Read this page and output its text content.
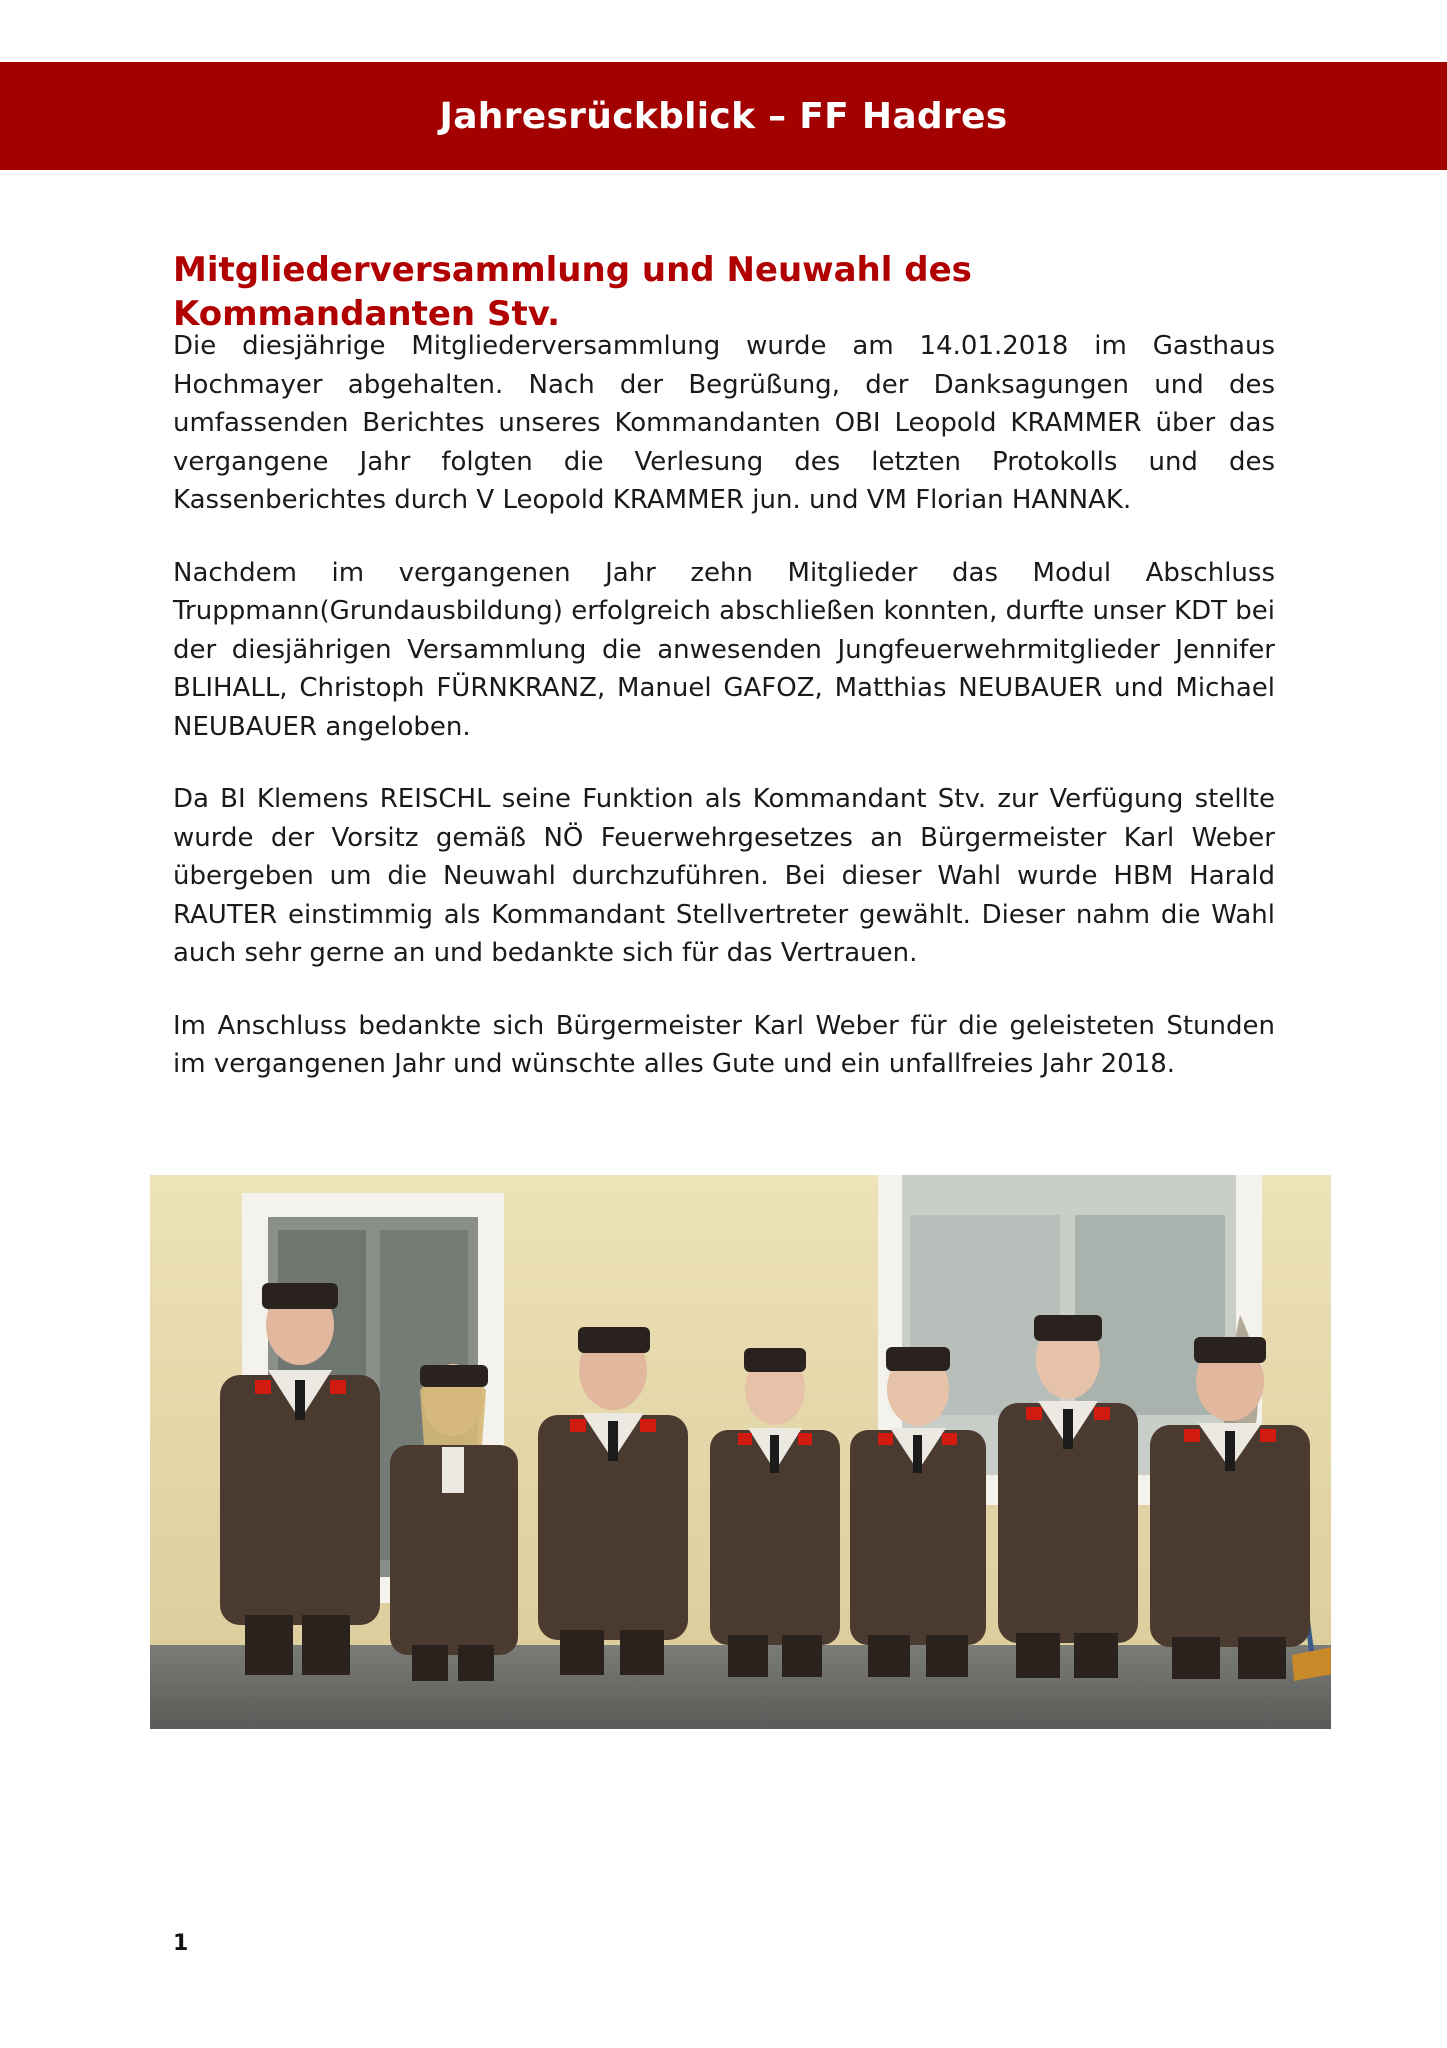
Jahresrückblick – FF Hadres
Mitgliederversammlung und Neuwahl des Kommandanten Stv.

Die diesjährige Mitgliederversammlung wurde am 14.01.2018 im Gasthaus Hochmayer abgehalten. Nach der Begrüßung, der Danksagungen und des umfassenden Berichtes unseres Kommandanten OBI Leopold KRAMMER über das vergangene Jahr folgten die Verlesung des letzten Protokolls und des Kassenberichtes durch V Leopold KRAMMER jun. und VM Florian HANNAK.

Nachdem im vergangenen Jahr zehn Mitglieder das Modul Abschluss Truppmann(Grundausbildung) erfolgreich abschließen konnten, durfte unser KDT bei der diesjährigen Versammlung die anwesenden Jungfeuerwehrmitglieder Jennifer BLIHALL, Christoph FÜRNKRANZ, Manuel GAFOZ, Matthias NEUBAUER und Michael NEUBAUER angeloben.

Da BI Klemens REISCHL seine Funktion als Kommandant Stv. zur Verfügung stellte wurde der Vorsitz gemäß NÖ Feuerwehrgesetzes an Bürgermeister Karl Weber übergeben um die Neuwahl durchzuführen. Bei dieser Wahl wurde HBM Harald RAUTER einstimmig als Kommandant Stellvertreter gewählt. Dieser nahm die Wahl auch sehr gerne an und bedankte sich für das Vertrauen.

Im Anschluss bedankte sich Bürgermeister Karl Weber für die geleisteten Stunden im vergangenen Jahr und wünschte alles Gute und ein unfallfreies Jahr 2018.

1
